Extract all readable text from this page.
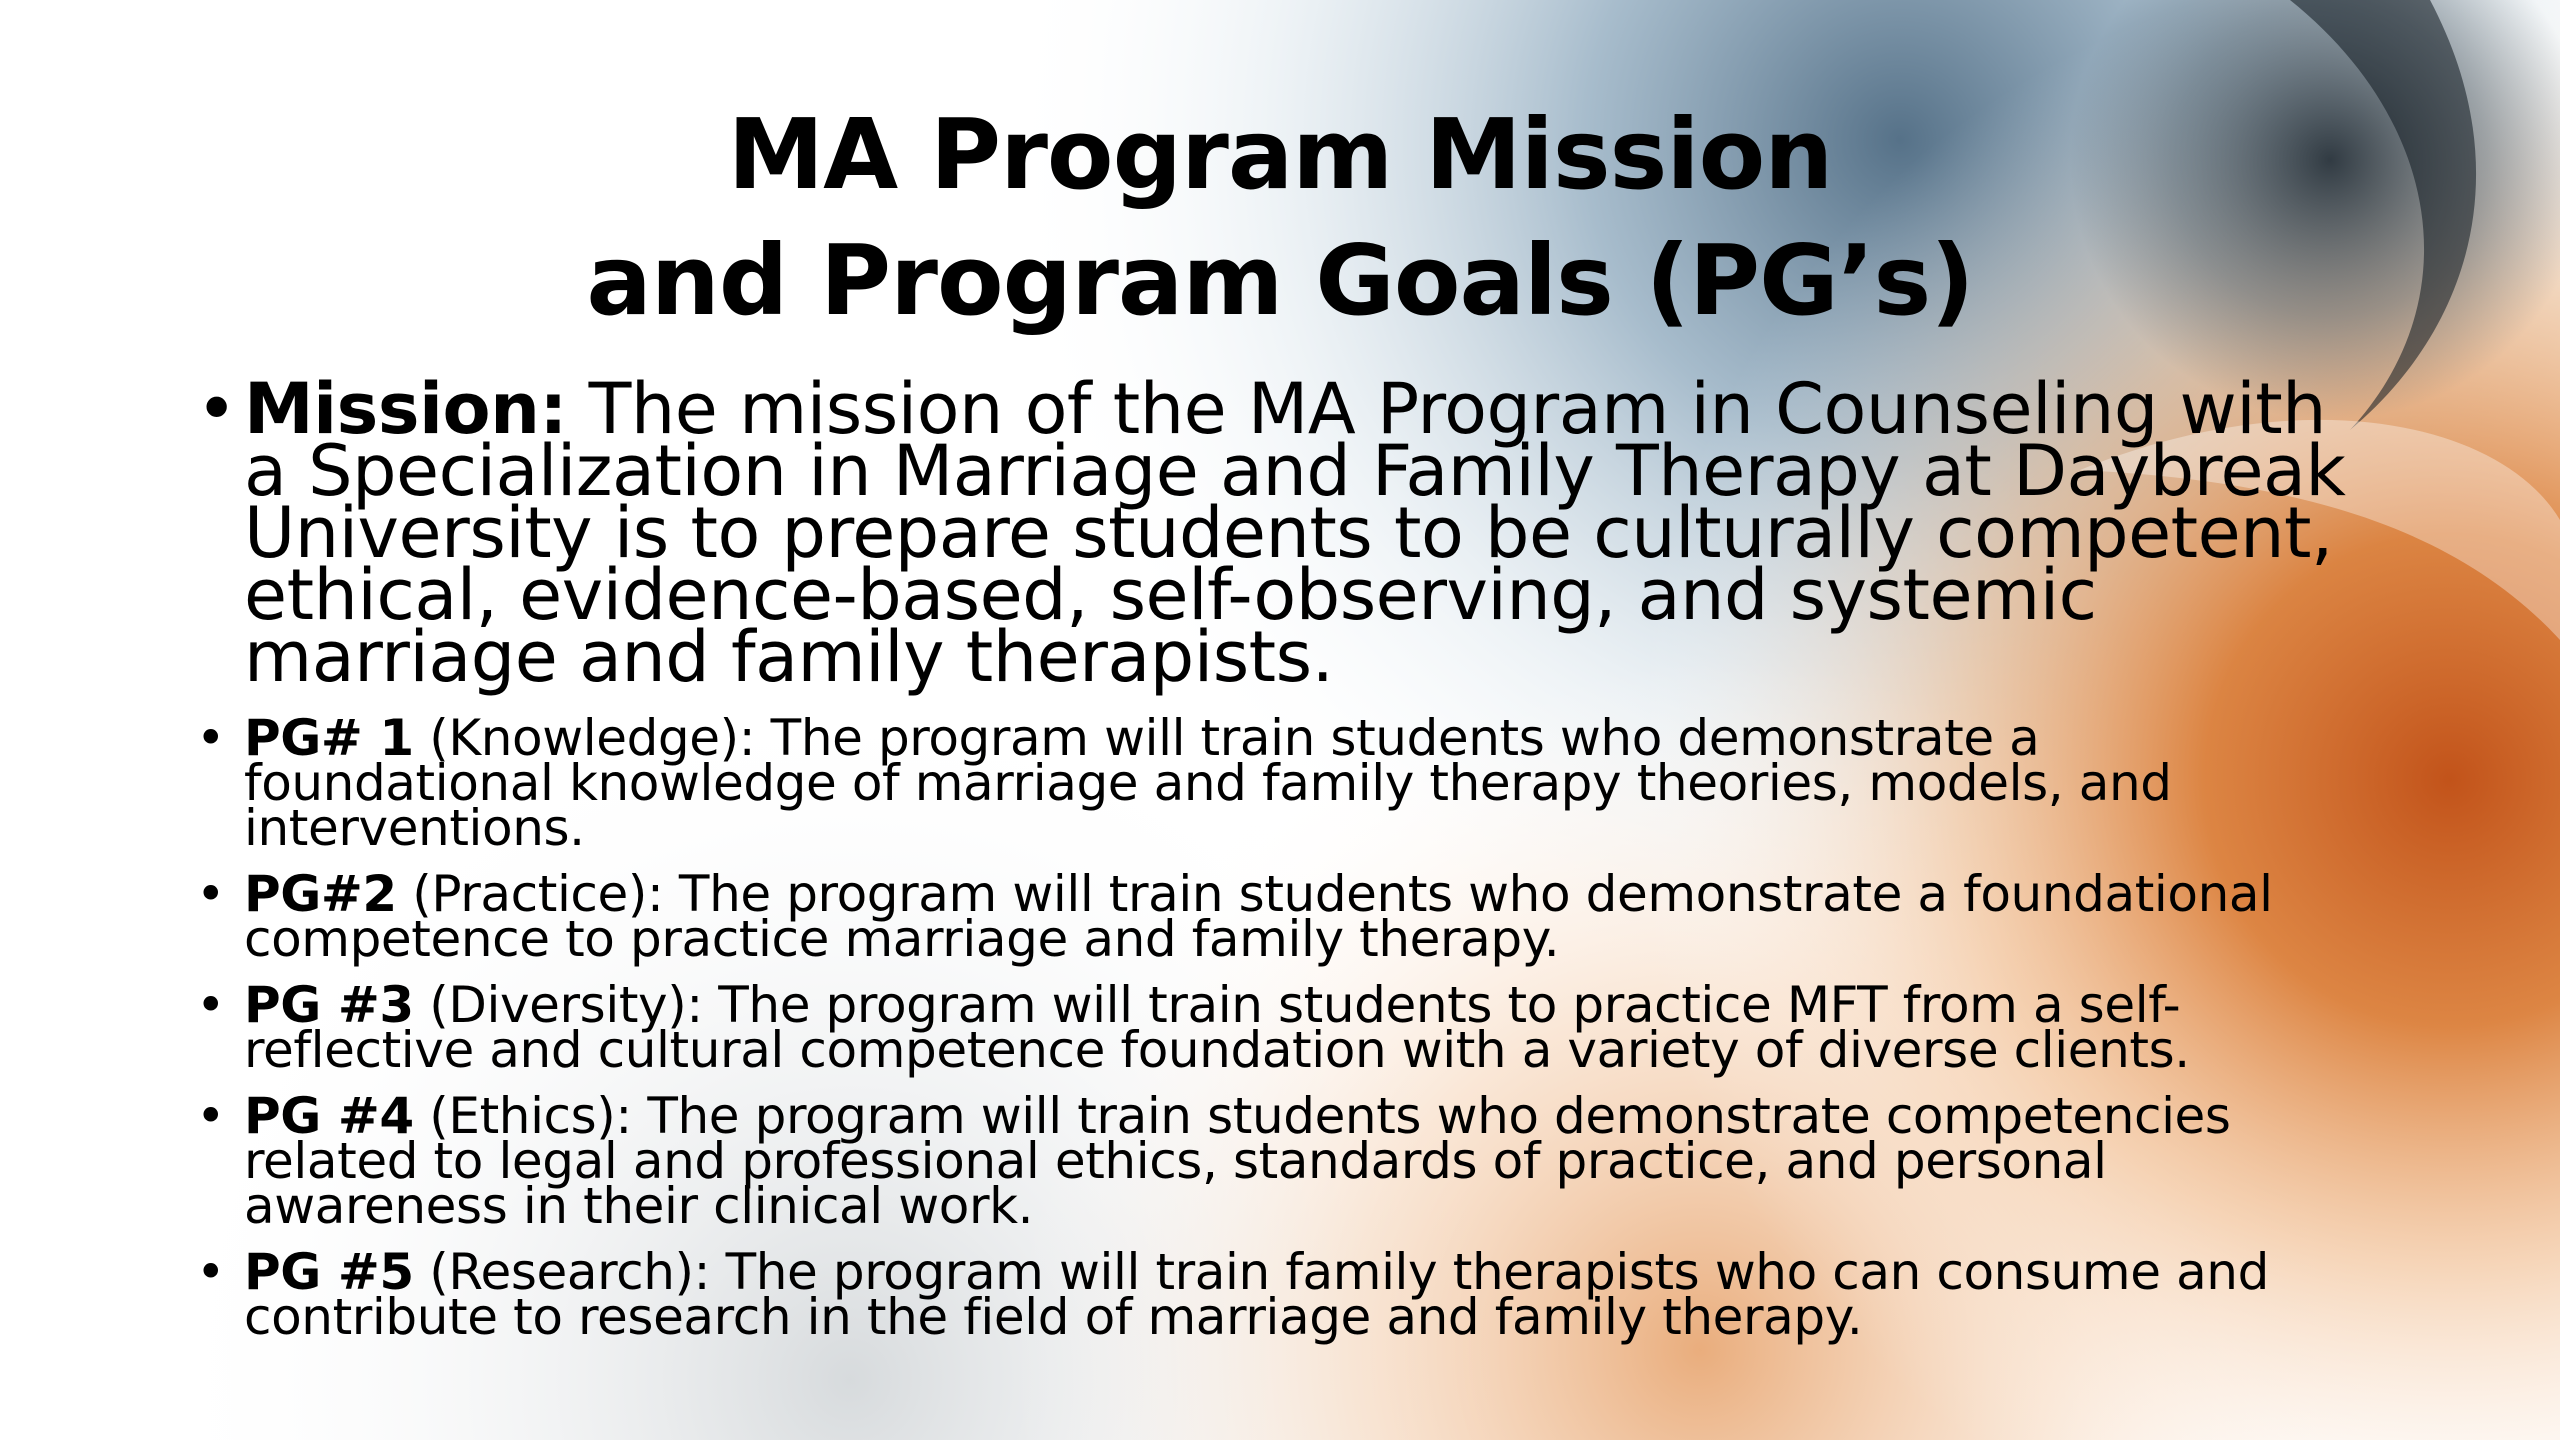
MA Program Mission
and Program Goals (PG’s)
• Mission: The mission of the MA Program in Counseling with a Specialization in Marriage and Family Therapy at Daybreak University is to prepare students to be culturally competent, ethical, evidence-based, self-observing, and systemic marriage and family therapists.
• PG# 1 (Knowledge): The program will train students who demonstrate a foundational knowledge of marriage and family therapy theories, models, and interventions.
• PG#2 (Practice): The program will train students who demonstrate a foundational competence to practice marriage and family therapy.
• PG #3 (Diversity): The program will train students to practice MFT from a self-reflective and cultural competence foundation with a variety of diverse clients.
• PG #4 (Ethics): The program will train students who demonstrate competencies related to legal and professional ethics, standards of practice, and personal awareness in their clinical work.
• PG #5 (Research): The program will train family therapists who can consume and contribute to research in the field of marriage and family therapy.
